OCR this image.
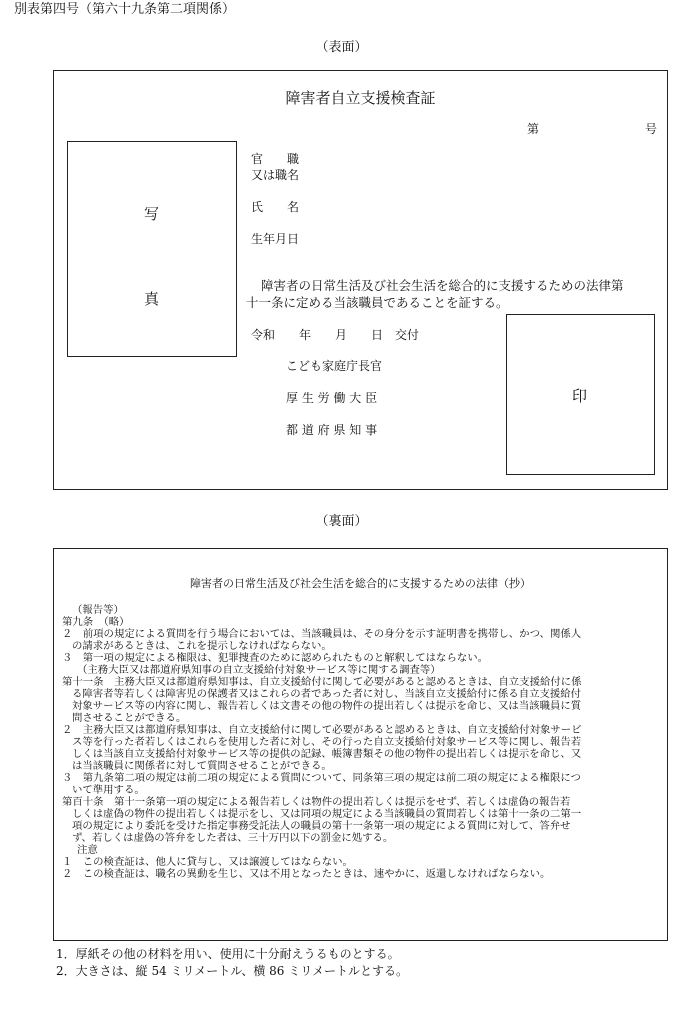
別表第四号（第六十九条第二項関係）
（表面）
障害者自立支援検査証
第	号
写
真
官　　職
又は職名
氏　　名
生年月日
障害者の日常生活及び社会生活を総合的に支援するための法律第
十一条に定める当該職員であることを証する。
令和　　年　　月　　日　交付
こども家庭庁長官
厚 生 労 働 大 臣
都 道 府 県 知 事
印
（裏面）
障害者の日常生活及び社会生活を総合的に支援するための法律（抄）
（報告等）
第九条　（略）
２　前項の規定による質問を行う場合においては、当該職員は、その身分を示す証明書を携帯し、かつ、関係人
の請求があるときは、これを提示しなければならない。
３　第一項の規定による権限は、犯罪捜査のために認められたものと解釈してはならない。
（主務大臣又は都道府県知事の自立支援給付対象サービス等に関する調査等）
第十一条　主務大臣又は都道府県知事は、自立支援給付に関して必要があると認めるときは、自立支援給付に係
る障害者等若しくは障害児の保護者又はこれらの者であった者に対し、当該自立支援給付に係る自立支援給付
対象サービス等の内容に関し、報告若しくは文書その他の物件の提出若しくは提示を命じ、又は当該職員に質
問させることができる。
２　主務大臣又は都道府県知事は、自立支援給付に関して必要があると認めるときは、自立支援給付対象サービ
ス等を行った者若しくはこれらを使用した者に対し、その行った自立支援給付対象サービス等に関し、報告若
しくは当該自立支援給付対象サービス等の提供の記録、帳簿書類その他の物件の提出若しくは提示を命じ、又
は当該職員に関係者に対して質問させることができる。
３　第九条第二項の規定は前二項の規定による質問について、同条第三項の規定は前二項の規定による権限につ
いて準用する。
第百十条　第十一条第一項の規定による報告若しくは物件の提出若しくは提示をせず、若しくは虚偽の報告若
しくは虚偽の物件の提出若しくは提示をし、又は同項の規定による当該職員の質問若しくは第十一条の二第一
項の規定により委託を受けた指定事務受託法人の職員の第十一条第一項の規定による質問に対して、答弁せ
ず、若しくは虚偽の答弁をした者は、三十万円以下の罰金に処する。
注意
１　この検査証は、他人に貸与し、又は譲渡してはならない。
２　この検査証は、職名の異動を生じ、又は不用となったときは、速やかに、返還しなければならない。
1．厚紙その他の材料を用い、使用に十分耐えうるものとする。
2．大きさは、縦 54 ミリメートル、横 86 ミリメートルとする。
